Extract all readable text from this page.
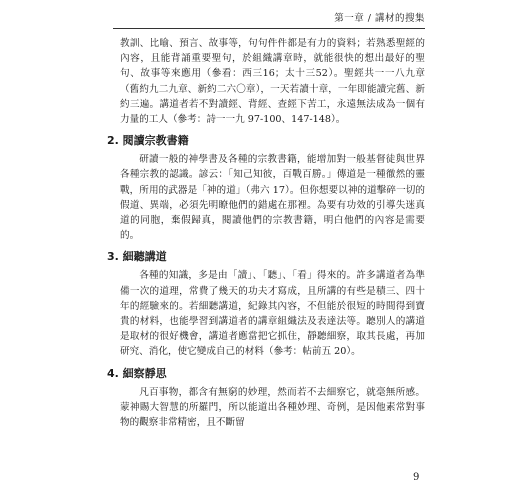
第一章 / 講材的搜集

教訓、比喻、預言、故事等，句句件件都是有力的資料；若熟悉聖經的內容，且能背誦重要聖句，於組織講章時，就能很快的想出最好的聖句、故事等來應用（參看：西三16；太十三52）。聖經共一一八九章（舊約九二九章、新約二六〇章），一天若讀十章，一年即能讀完舊、新約三遍。講道者若不對讀經、背經、查經下苦工，永遠無法成為一個有力量的工人（參考：詩一一九 97-100、147-148）。

2. 閱讀宗教書籍

研讀一般的神學書及各種的宗教書籍，能增加對一般基督徒與世界各種宗教的認識。諺云：「知己知彼，百戰百勝。」傳道是一種徹然的靈戰，所用的武器是「神的道」（弗六 17）。但你想要以神的道擊碎一切的假道、異端，必須先明瞭他們的錯處在那裡。為要有功效的引導失迷真道的同胞，棄假歸真，閱讀他們的宗教書籍，明白他們的內容是需要的。

3. 細聽講道

各種的知識，多是由「讀」、「聽」、「看」得來的。許多講道者為準備一次的道理，常費了幾天的功夫才寫成，且所講的有些是積三、四十年的經驗來的。若細聽講道，紀錄其內容，不但能於很短的時間得到寶貴的材料，也能學習到講道者的講章組織法及表達法等。聽別人的講道是取材的很好機會，講道者應當把它抓住，靜聽細察，取其長處，再加研究、消化，使它變成自己的材料（參考：帖前五 20）。

4. 細察靜思

凡百事物，都含有無窮的妙理，然而若不去細察它，就毫無所感。蒙神賜大智慧的所羅門，所以能道出各種妙理、奇例，是因他素常對事物的觀察非常精密，且不斷留

9
